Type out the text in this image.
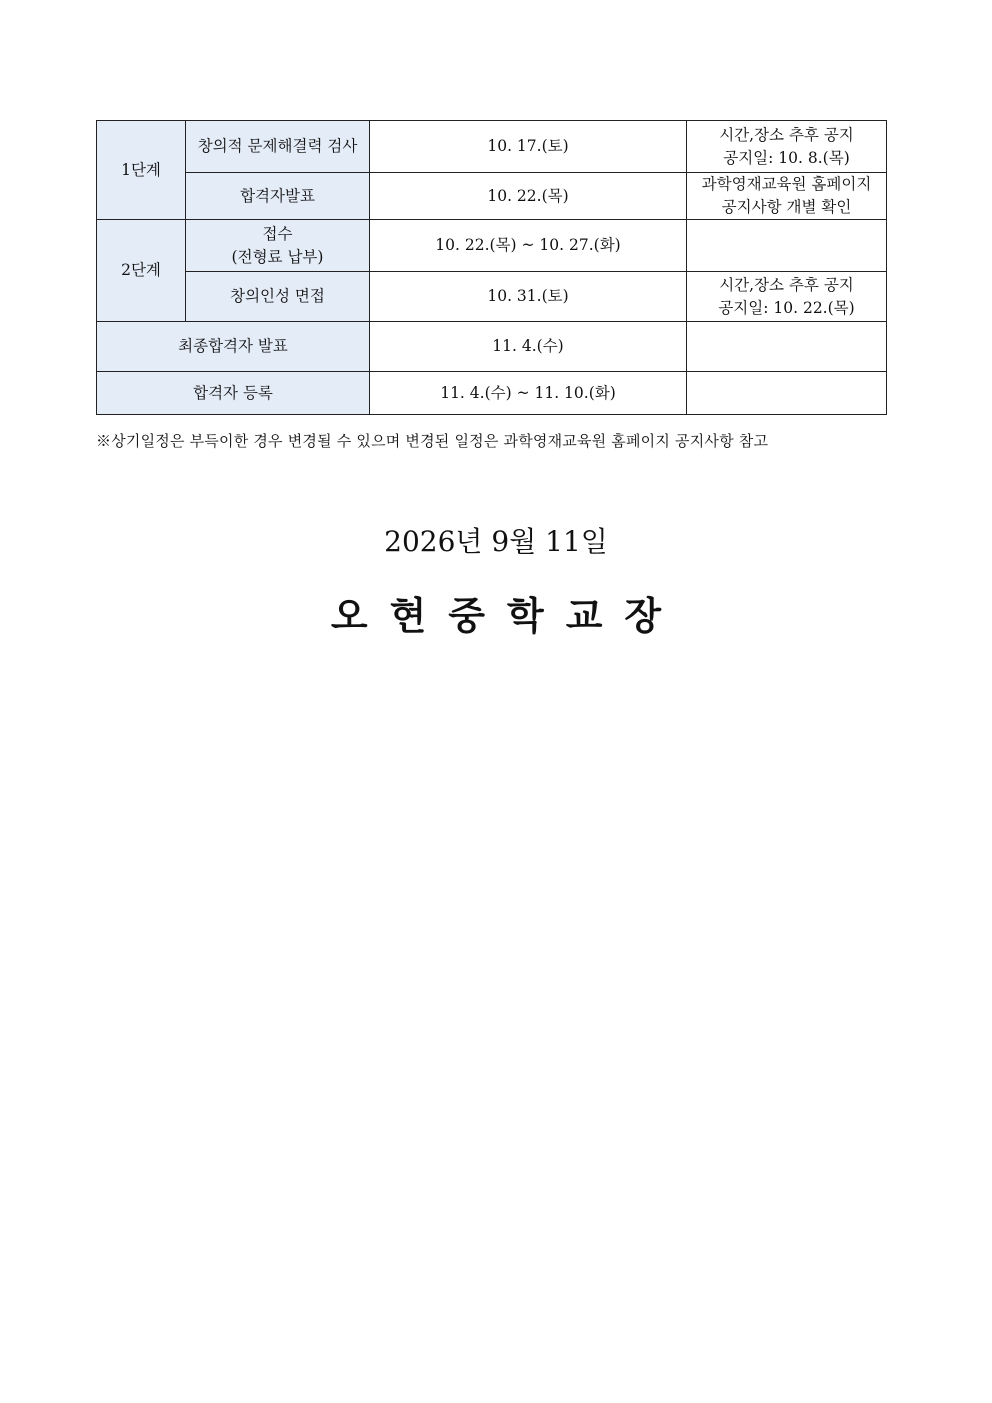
1단계	창의적 문제해결력 검사	10. 17.(토)	시간,장소 추후 공지
공지일: 10. 8.(목)

	합격자발표	10. 22.(목)	과학영재교육원 홈페이지
공지사항 개별 확인

2단계	접수
(전형료 납부)	10. 22.(목) ~ 10. 27.(화)	
	창의인성 면접	10. 31.(토)	시간,장소 추후 공지
공지일: 10. 22.(목)

최종합격자 발표		11. 4.(수)	
합격자 등록		11. 4.(수) ~ 11. 10.(화)	
※상기일정은 부득이한 경우 변경될 수 있으며 변경된 일정은 과학영재교육원 홈페이지 공지사항 참고
2026년 9월 11일
오현중학교장
